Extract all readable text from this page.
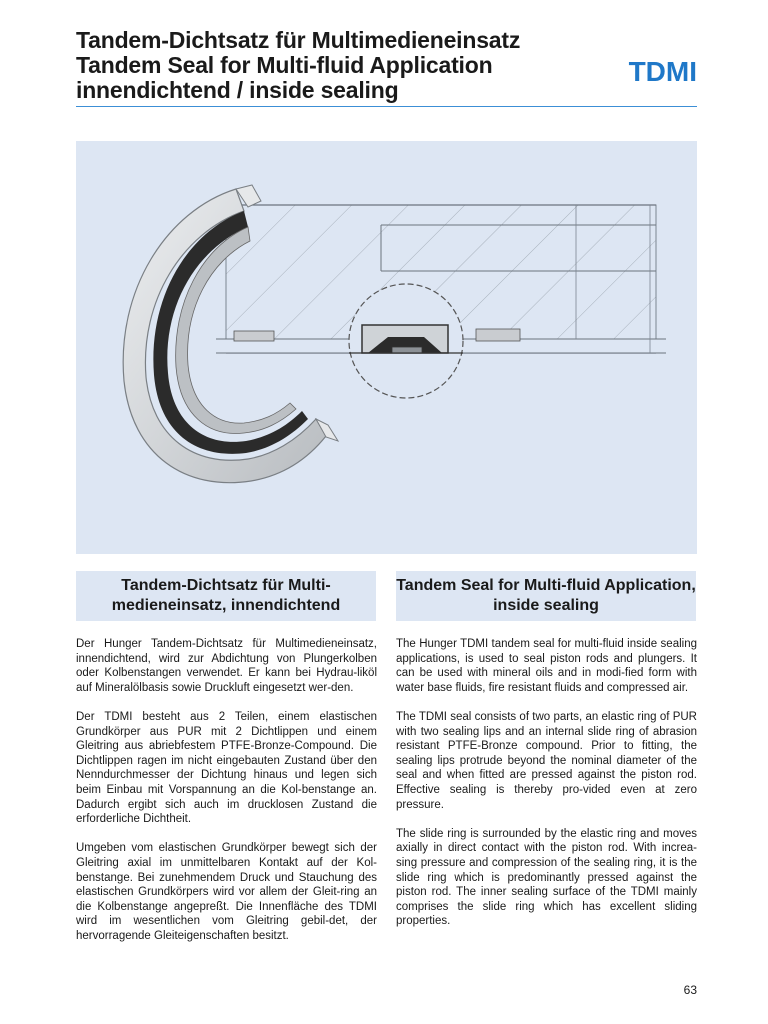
Tandem-Dichtsatz für Multimedieneinsatz
Tandem Seal for Multi-fluid Application
innendichtend / inside sealing
TDMI
Tandem-Dichtsatz für Multi-medieneinsatz, innendichtend
Tandem Seal for Multi-fluid Application, inside sealing

Der Hunger Tandem-Dichtsatz für Multimedieneinsatz, innendichtend, wird zur Abdichtung von Plungerkolben oder Kolbenstangen verwendet. Er kann bei Hydrau-liköl auf Mineralölbasis sowie Druckluft eingesetzt wer-den.

Der TDMI besteht aus 2 Teilen, einem elastischen Grundkörper aus PUR mit 2 Dichtlippen und einem Gleitring aus abriebfestem PTFE-Bronze-Compound. Die Dichtlippen ragen im nicht eingebauten Zustand über den Nenndurchmesser der Dichtung hinaus und legen sich beim Einbau mit Vorspannung an die Kol-benstange an. Dadurch ergibt sich auch im drucklosen Zustand die erforderliche Dichtheit.

Umgeben vom elastischen Grundkörper bewegt sich der Gleitring axial im unmittelbaren Kontakt auf der Kol-benstange. Bei zunehmendem Druck und Stauchung des elastischen Grundkörpers wird vor allem der Gleit-ring an die Kolbenstange angepreßt. Die Innenfläche des TDMI wird im wesentlichen vom Gleitring gebil-det, der hervorragende Gleiteigenschaften besitzt.

The Hunger TDMI tandem seal for multi-fluid inside sealing applications, is used to seal piston rods and plungers. It can be used with mineral oils and in modi-fied form with water base fluids, fire resistant fluids and compressed air.

The TDMI seal consists of two parts, an elastic ring of PUR with two sealing lips and an internal slide ring of abrasion resistant PTFE-Bronze compound. Prior to fitting, the sealing lips protrude beyond the nominal diameter of the seal and when fitted are pressed against the piston rod. Effective sealing is thereby pro-vided even at zero pressure.

The slide ring is surrounded by the elastic ring and moves axially in direct contact with the piston rod. With increa-sing pressure and compression of the sealing ring, it is the slide ring which is predominantly pressed against the piston rod. The inner sealing surface of the TDMI mainly comprises the slide ring which has excellent sliding properties.

63
